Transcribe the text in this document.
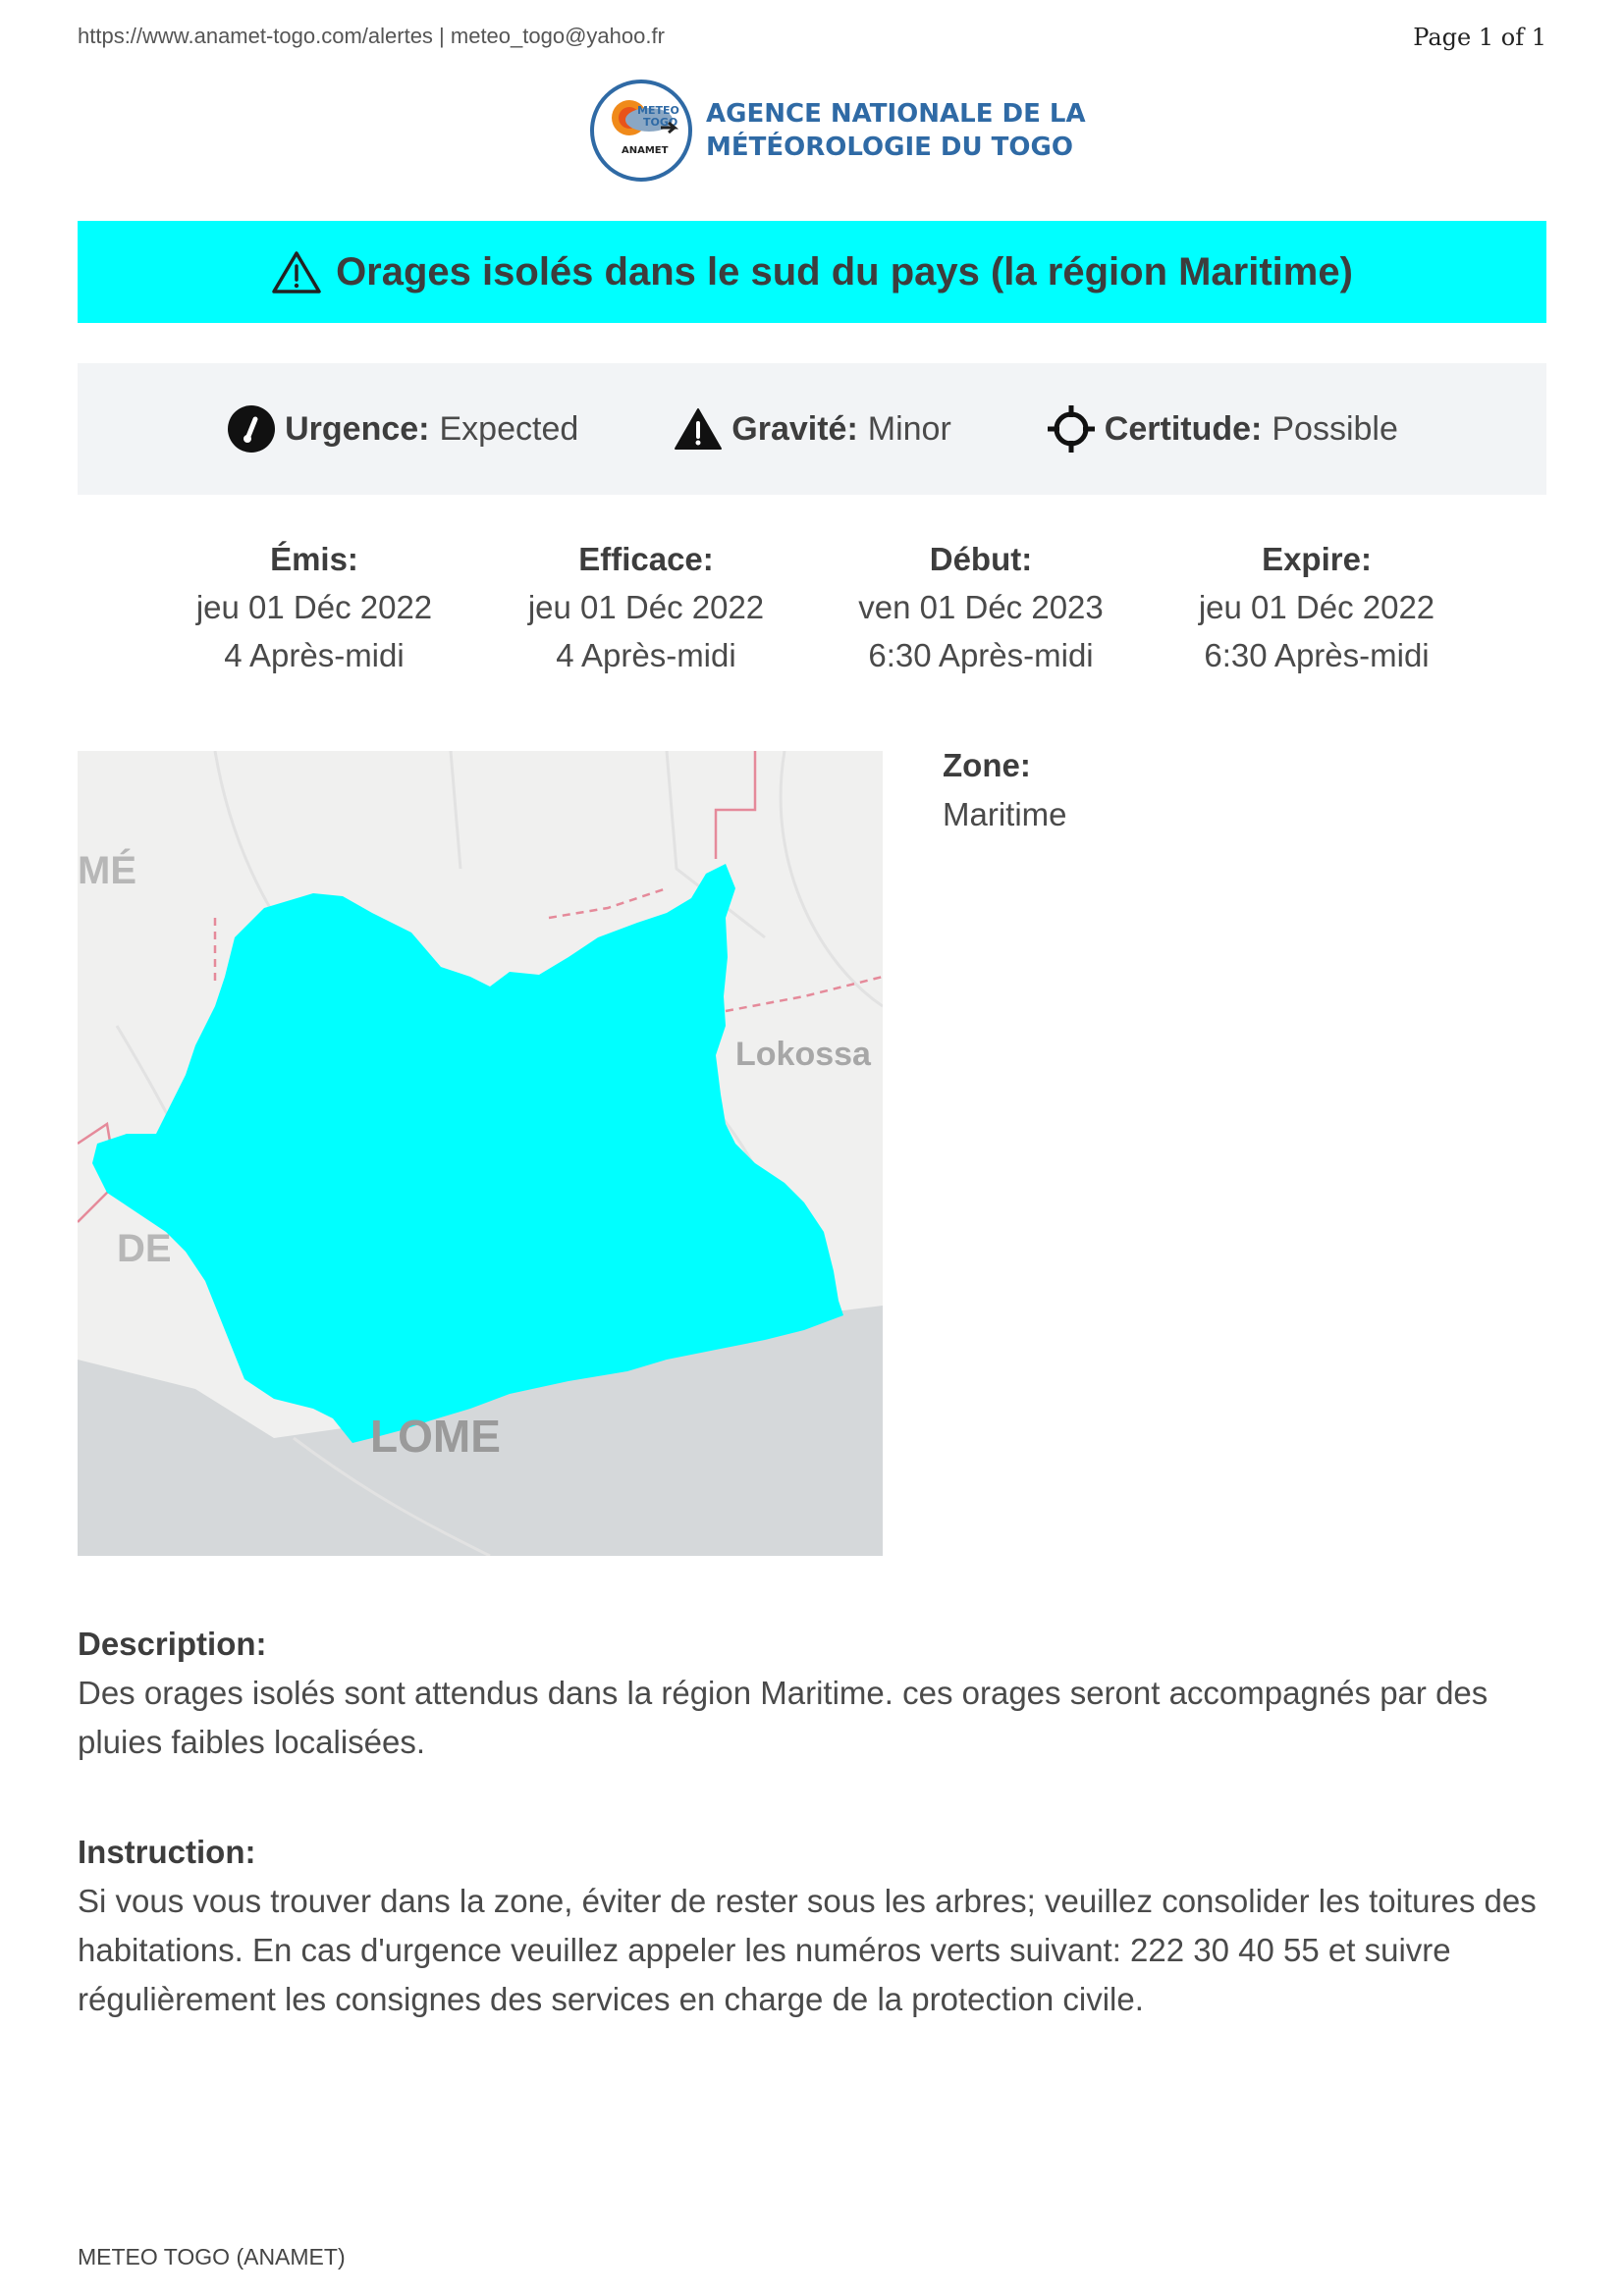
https://www.anamet-togo.com/alertes | meteo_togo@yahoo.fr	Page 1 of 1
METEO
TOGO
ANAMET
AGENCE NATIONALE DE LA
MÉTÉOROLOGIE DU TOGO
Orages isolés dans le sud du pays (la région Maritime)
Urgence: Expected	Gravité: Minor	Certitude: Possible
Émis:
jeu 01 Déc 2022
4 Après-midi
Efficace:
jeu 01 Déc 2022
4 Après-midi
Début:
ven 01 Déc 2023
6:30 Après-midi
Expire:
jeu 01 Déc 2022
6:30 Après-midi
MÉ
Lokossa
DE
LOME
Zone:
Maritime
Description:
Des orages isolés sont attendus dans la région Maritime. ces orages seront accompagnés par des pluies faibles localisées.
Instruction:
Si vous vous trouver dans la zone, éviter de rester sous les arbres; veuillez consolider les toitures des habitations. En cas d'urgence veuillez appeler les numéros verts suivant: 222 30 40 55 et suivre régulièrement les consignes des services en charge de la protection civile.
METEO TOGO (ANAMET)
